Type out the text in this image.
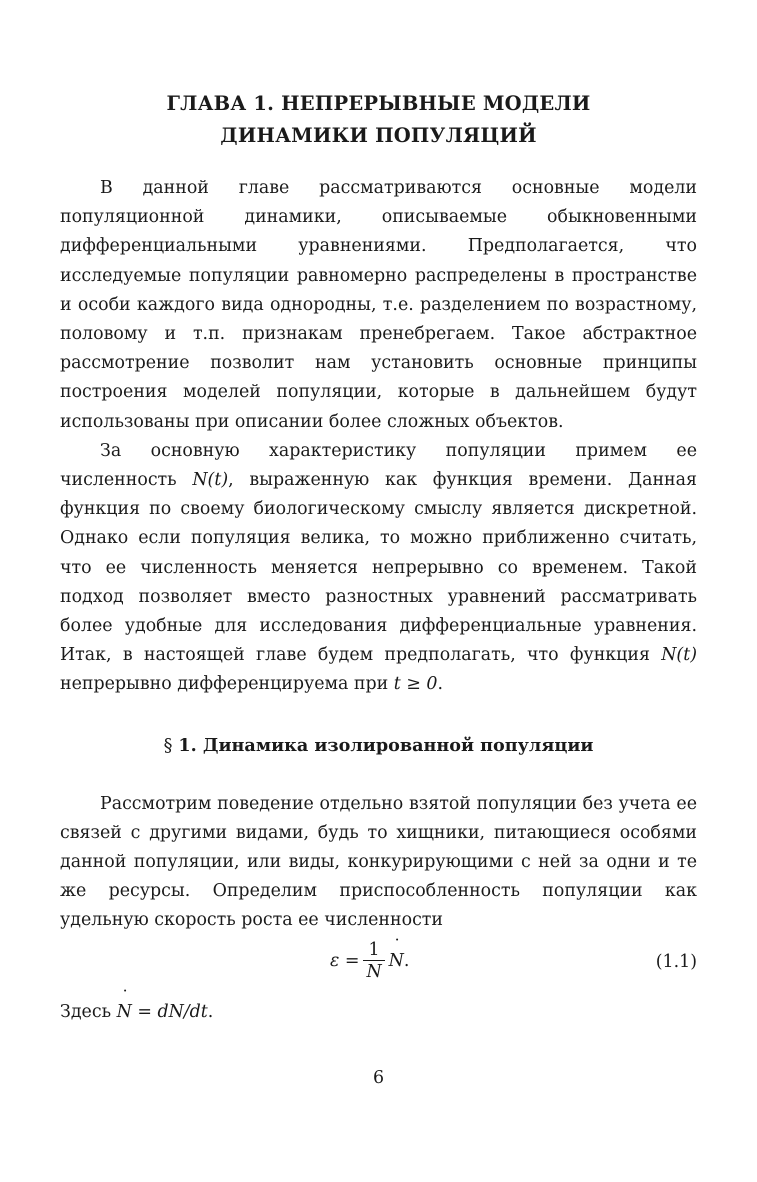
ГЛАВА 1. НЕПРЕРЫВНЫЕ МОДЕЛИ
ДИНАМИКИ ПОПУЛЯЦИЙ

В данной главе рассматриваются основные модели популяционной динамики, описываемые обыкновенными дифференциальными уравнениями. Предполагается, что исследуемые популяции равномерно распределены в пространстве и особи каждого вида однородны, т.е. разделением по возрастному, половому и т.п. признакам пренебрегаем. Такое абстрактное рассмотрение позволит нам установить основные принципы построения моделей популяции, которые в дальнейшем будут использованы при описании более сложных объектов.

За основную характеристику популяции примем ее численность N(t), выраженную как функция времени. Данная функция по своему биологическому смыслу является дискретной. Однако если популяция велика, то можно приближенно считать, что ее численность меняется непрерывно со временем. Такой подход позволяет вместо разностных уравнений рассматривать более удобные для исследования дифференциальные уравнения. Итак, в настоящей главе будем предполагать, что функция N(t) непрерывно дифференцируема при t ≥ 0.

§ 1. Динамика изолированной популяции

Рассмотрим поведение отдельно взятой популяции без учета ее связей с другими видами, будь то хищники, питающиеся особями данной популяции, или виды, конкурирующими с ней за одни и те же ресурсы. Определим приспособленность популяции как удельную скорость роста ее численности

$\varepsilon = \frac{1}{N}$
˙ N .	(1.1)

Здесь ˙ N = dN/dt.

6
